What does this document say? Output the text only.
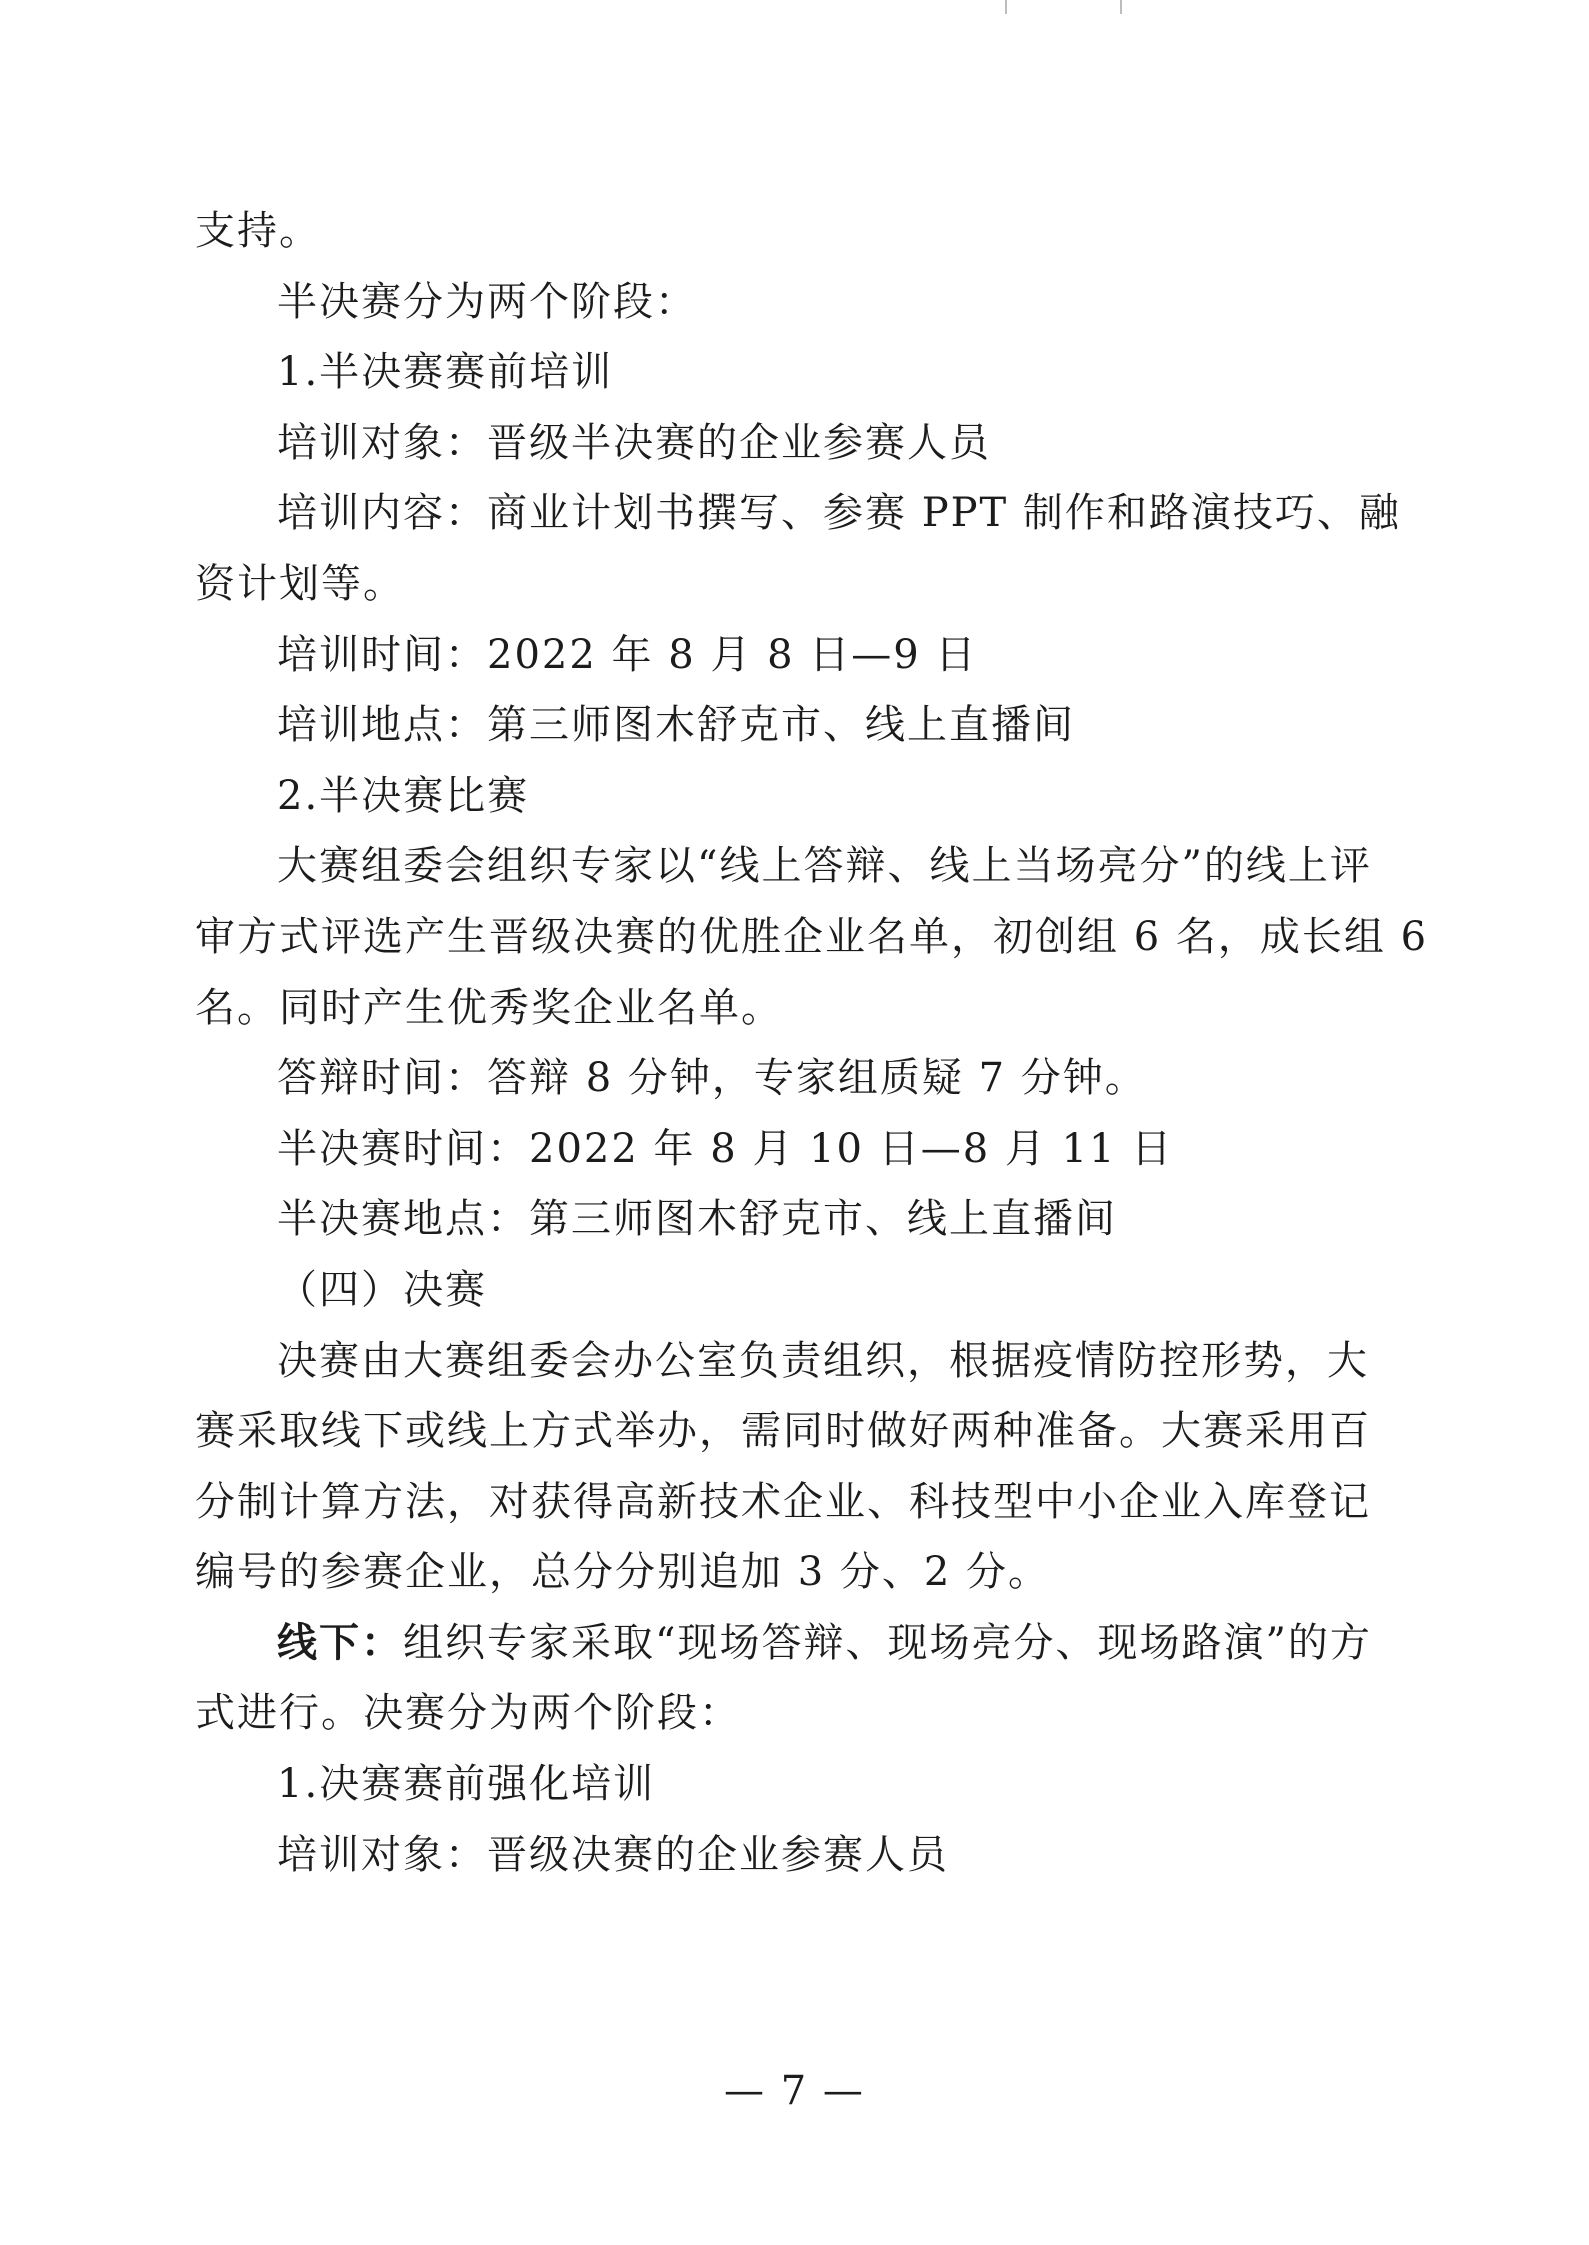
支持。

半决赛分为两个阶段：

1.半决赛赛前培训

培训对象：晋级半决赛的企业参赛人员

培训内容：商业计划书撰写、参赛 PPT 制作和路演技巧、融

资计划等。

培训时间：2022 年 8 月 8 日—9 日

培训地点：第三师图木舒克市、线上直播间

2.半决赛比赛

大赛组委会组织专家以“线上答辩、线上当场亮分”的线上评

审方式评选产生晋级决赛的优胜企业名单，初创组 6 名，成长组 6

名。同时产生优秀奖企业名单。

答辩时间：答辩 8 分钟，专家组质疑 7 分钟。

半决赛时间：2022 年 8 月 10 日—8 月 11 日

半决赛地点：第三师图木舒克市、线上直播间

（四）决赛

决赛由大赛组委会办公室负责组织，根据疫情防控形势，大

赛采取线下或线上方式举办，需同时做好两种准备。大赛采用百

分制计算方法，对获得高新技术企业、科技型中小企业入库登记

编号的参赛企业，总分分别追加 3 分、2 分。

线下：组织专家采取“现场答辩、现场亮分、现场路演”的方

式进行。决赛分为两个阶段：

1.决赛赛前强化培训

培训对象：晋级决赛的企业参赛人员

— 7 —
